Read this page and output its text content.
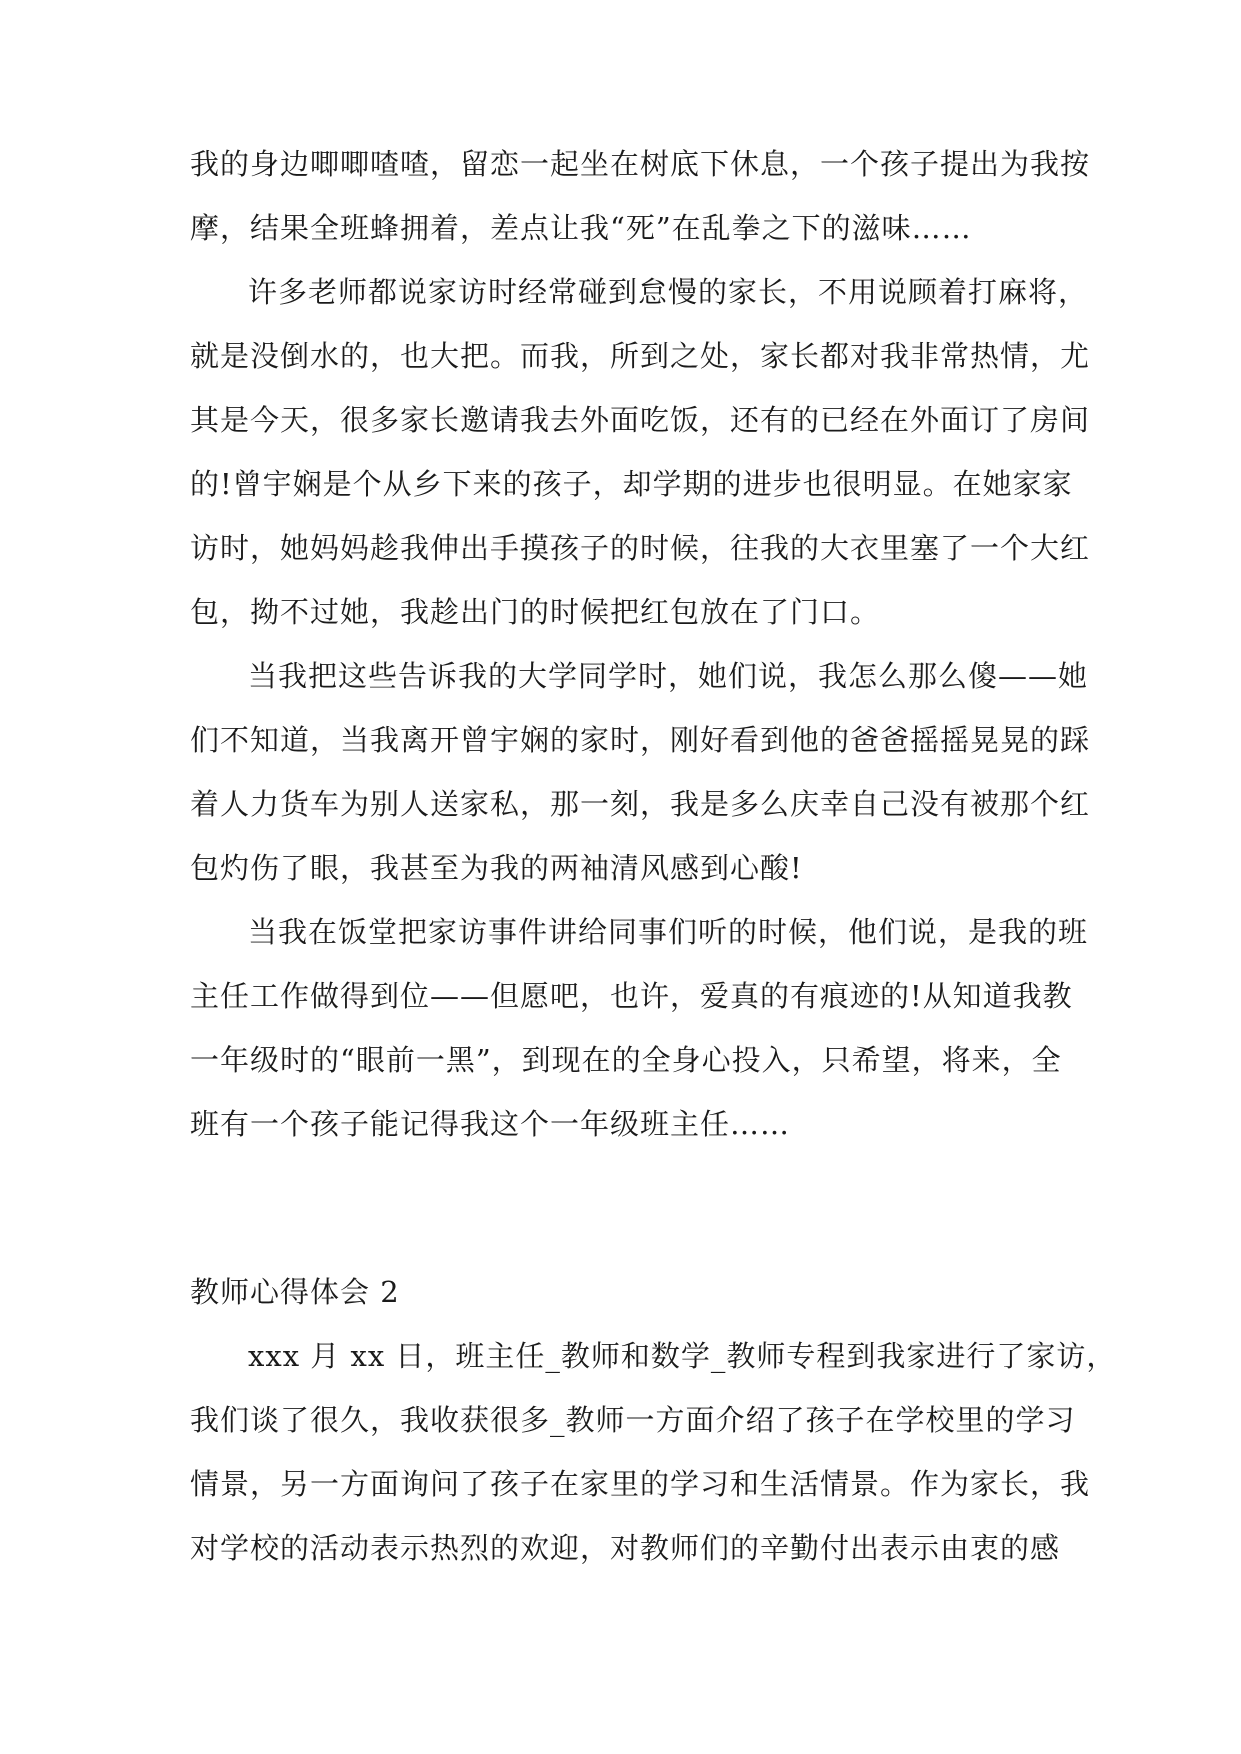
我的身边唧唧喳喳，留恋一起坐在树底下休息，一个孩子提出为我按
摩，结果全班蜂拥着，差点让我“死”在乱拳之下的滋味……
许多老师都说家访时经常碰到怠慢的家长，不用说顾着打麻将，
就是没倒水的，也大把。而我，所到之处，家长都对我非常热情，尤
其是今天，很多家长邀请我去外面吃饭，还有的已经在外面订了房间
的!曾宇娴是个从乡下来的孩子，却学期的进步也很明显。在她家家
访时，她妈妈趁我伸出手摸孩子的时候，往我的大衣里塞了一个大红
包，拗不过她，我趁出门的时候把红包放在了门口。
当我把这些告诉我的大学同学时，她们说，我怎么那么傻——她
们不知道，当我离开曾宇娴的家时，刚好看到他的爸爸摇摇晃晃的踩
着人力货车为别人送家私，那一刻，我是多么庆幸自己没有被那个红
包灼伤了眼，我甚至为我的两袖清风感到心酸!
当我在饭堂把家访事件讲给同事们听的时候，他们说，是我的班
主任工作做得到位——但愿吧，也许，爱真的有痕迹的!从知道我教
一年级时的“眼前一黑”，到现在的全身心投入，只希望，将来，全
班有一个孩子能记得我这个一年级班主任……
教师心得体会 2
xxx 月 xx 日，班主任_教师和数学_教师专程到我家进行了家访，
我们谈了很久，我收获很多_教师一方面介绍了孩子在学校里的学习
情景，另一方面询问了孩子在家里的学习和生活情景。作为家长，我
对学校的活动表示热烈的欢迎，对教师们的辛勤付出表示由衷的感
